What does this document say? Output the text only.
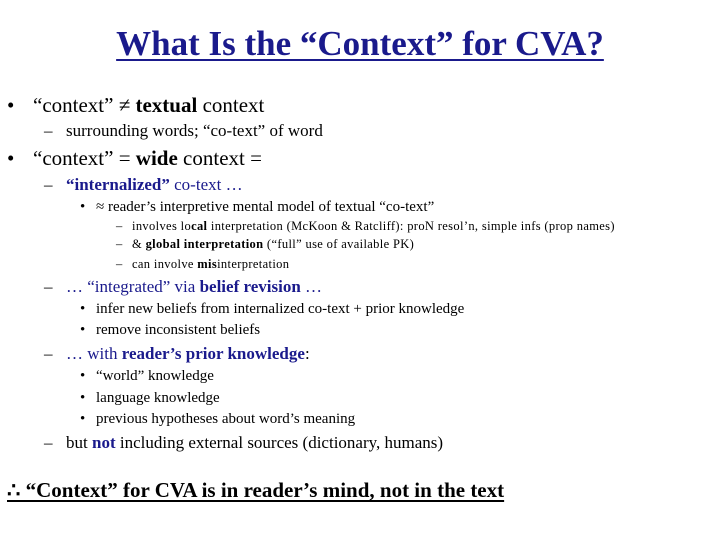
What Is the “Context” for CVA?
• “context” ≠ textual context
– surrounding words; “co-text” of word
• “context” = wide context =
– “internalized” co-text …
• ≈ reader’s interpretive mental model of textual “co-text”
– involves local interpretation (McKoon & Ratcliff): proN resol’n, simple infs (prop names)
– & global interpretation (“full” use of available PK)
– can involve misinterpretation
– … “integrated” via belief revision …
• infer new beliefs from internalized co-text + prior knowledge
• remove inconsistent beliefs
– … with reader’s prior knowledge:
• “world” knowledge
• language knowledge
• previous hypotheses about word’s meaning
– but not including external sources (dictionary, humans)
∴ “Context” for CVA is in reader’s mind, not in the text
